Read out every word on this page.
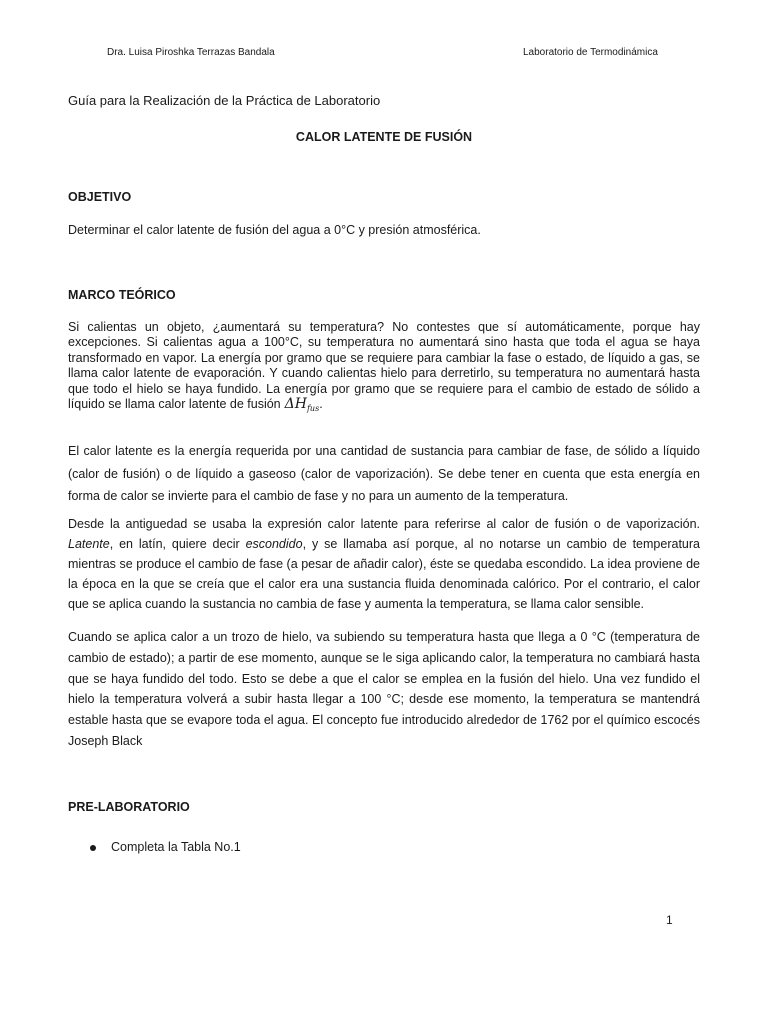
Dra. Luisa Piroshka Terrazas Bandala	Laboratorio de Termodinámica
Guía para la Realización de la Práctica de Laboratorio
CALOR LATENTE DE FUSIÓN
OBJETIVO

Determinar el calor latente de fusión del agua a 0°C y presión atmosférica.

MARCO TEÓRICO

Si calientas un objeto, ¿aumentará su temperatura? No contestes que sí automáticamente, porque hay excepciones. Si calientas agua a 100°C, su temperatura no aumentará sino hasta que toda el agua se haya transformado en vapor. La energía por gramo que se requiere para cambiar la fase o estado, de líquido a gas, se llama calor latente de evaporación. Y cuando calientas hielo para derretirlo, su temperatura no aumentará hasta que todo el hielo se haya fundido. La energía por gramo que se requiere para el cambio de estado de sólido a líquido se llama calor latente de fusión $\Delta H_{fus}$.

El calor latente es la energía requerida por una cantidad de sustancia para cambiar de fase, de sólido a líquido (calor de fusión) o de líquido a gaseoso (calor de vaporización). Se debe tener en cuenta que esta energía en forma de calor se invierte para el cambio de fase y no para un aumento de la temperatura.

Desde la antiguedad se usaba la expresión calor latente para referirse al calor de fusión o de vaporización. Latente, en latín, quiere decir escondido, y se llamaba así porque, al no notarse un cambio de temperatura mientras se produce el cambio de fase (a pesar de añadir calor), éste se quedaba escondido. La idea proviene de la época en la que se creía que el calor era una sustancia fluida denominada calórico. Por el contrario, el calor que se aplica cuando la sustancia no cambia de fase y aumenta la temperatura, se llama calor sensible.

Cuando se aplica calor a un trozo de hielo, va subiendo su temperatura hasta que llega a 0 °C (temperatura de cambio de estado); a partir de ese momento, aunque se le siga aplicando calor, la temperatura no cambiará hasta que se haya fundido del todo. Esto se debe a que el calor se emplea en la fusión del hielo. Una vez fundido el hielo la temperatura volverá a subir hasta llegar a 100 °C; desde ese momento, la temperatura se mantendrá estable hasta que se evapore toda el agua. El concepto fue introducido alrededor de 1762 por el químico escocés Joseph Black

PRE-LABORATORIO
Completa la Tabla No.1
1
